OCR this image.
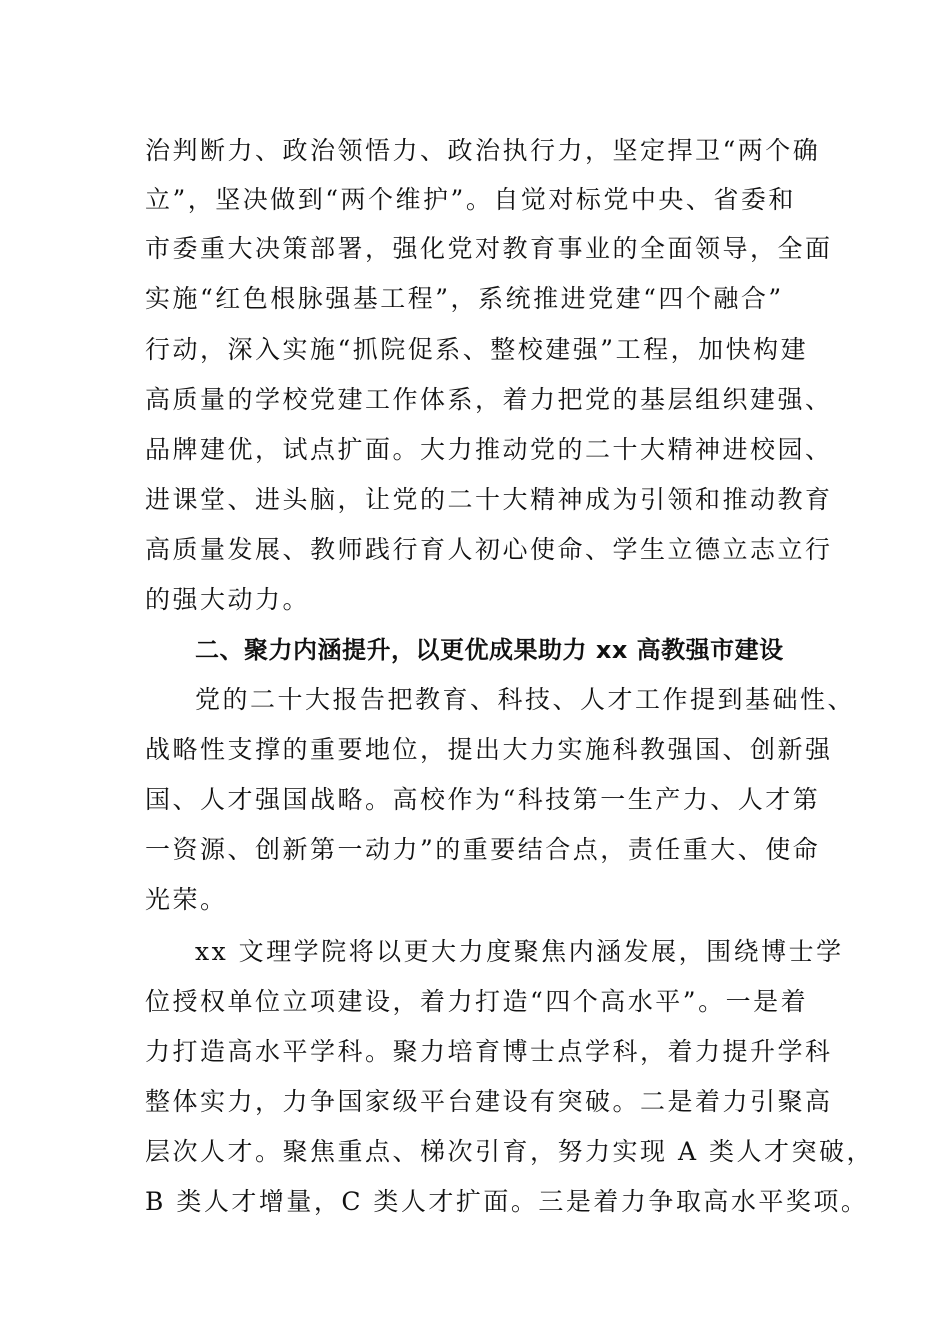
治判断力、政治领悟力、政治执行力，坚定捍卫“两个确
立”，坚决做到“两个维护”。自觉对标党中央、省委和
市委重大决策部署，强化党对教育事业的全面领导，全面
实施“红色根脉强基工程”，系统推进党建“四个融合”
行动，深入实施“抓院促系、整校建强”工程，加快构建
高质量的学校党建工作体系，着力把党的基层组织建强、
品牌建优，试点扩面。大力推动党的二十大精神进校园、
进课堂、进头脑，让党的二十大精神成为引领和推动教育
高质量发展、教师践行育人初心使命、学生立德立志立行
的强大动力。
二、聚力内涵提升，以更优成果助力 xx 高教强市建设
党的二十大报告把教育、科技、人才工作提到基础性、
战略性支撑的重要地位，提出大力实施科教强国、创新强
国、人才强国战略。高校作为“科技第一生产力、人才第
一资源、创新第一动力”的重要结合点，责任重大、使命
光荣。
xx 文理学院将以更大力度聚焦内涵发展，围绕博士学
位授权单位立项建设，着力打造“四个高水平”。一是着
力打造高水平学科。聚力培育博士点学科，着力提升学科
整体实力，力争国家级平台建设有突破。二是着力引聚高
层次人才。聚焦重点、梯次引育，努力实现 A 类人才突破，
B 类人才增量，C 类人才扩面。三是着力争取高水平奖项。
